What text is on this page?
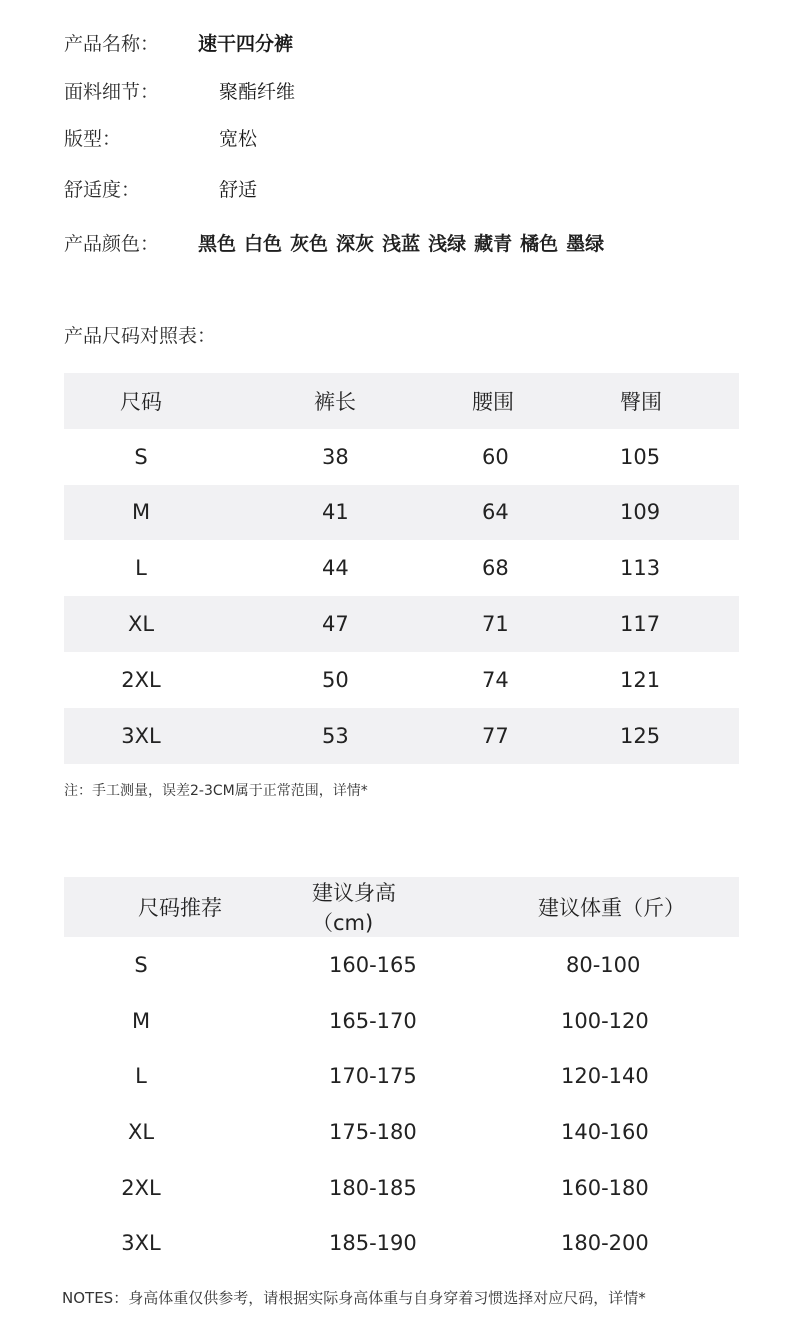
产品名称： 速干四分裤
面料细节：	聚酯纤维
版型：	宽松
舒适度：	舒适
产品颜色： 黑色 白色 灰色 深灰 浅蓝 浅绿 藏青 橘色 墨绿
产品尺码对照表：
尺码	裤长	腰围	臀围
S	38	60	105
M	41	64	109
L	44	68	113
XL	47	71	117
2XL	50	74	121
3XL	53	77	125
注：手工测量，误差2-3CM属于正常范围，详情*
尺码推荐	建议身高（cm)	建议体重（斤）
S	160-165	80-100
M	165-170	100-120
L	170-175	120-140
XL	175-180	140-160
2XL	180-185	160-180
3XL	185-190	180-200
NOTES：身高体重仅供参考，请根据实际身高体重与自身穿着习惯选择对应尺码，详情*
